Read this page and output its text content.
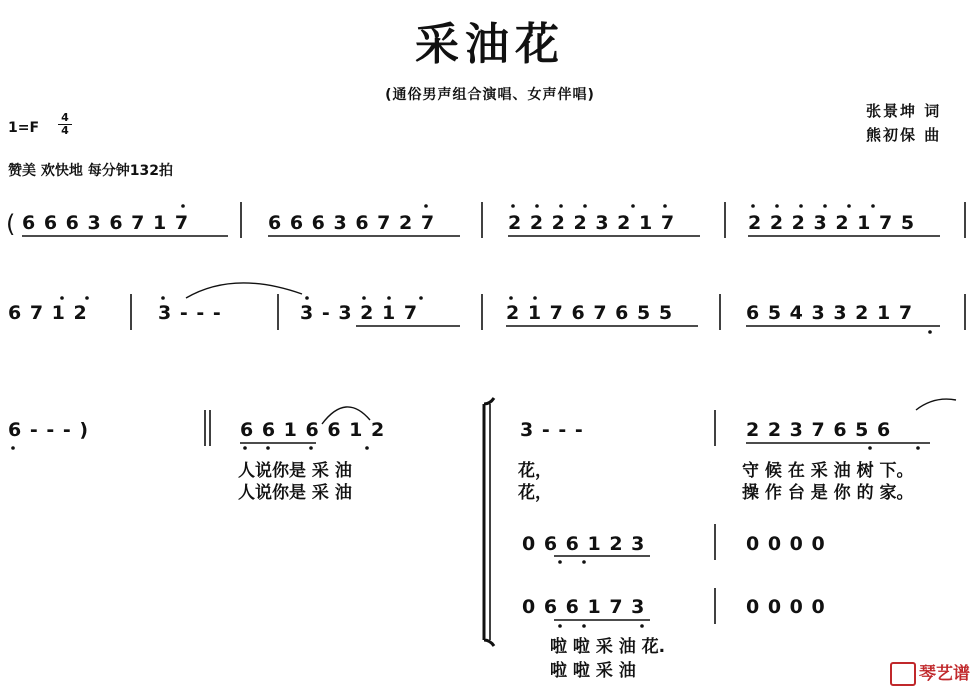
采油花
(通俗男声组合演唱、女声伴唱)
张景坤 词
熊初保 曲
1=F
4
4
赞美 欢快地 每分钟132拍
( 6 6 6 3 6 7 1 7	6 6 6 3 6 7 2 7	2 2 2 2 3 2 1 7	2 2 2 3 2 1 7 5
6 7 1 2	3 - - -	3 - 3 2 1 7	2 1 7 6 7 6 5 5	6 5 4 3 3 2 1 7
6 - - - )	6 6 1 6 6 1 2	3 - - -	2 2 3 7 6 5 6
人说你是 采 油	花，	守 候 在 采 油 树 下。
人说你是 采 油	花，	操 作 台 是 你 的 家。
0 6 6 1 2 3	0 0 0 0
0 6 6 1 7 3	0 0 0 0
啦 啦 采 油 花.
啦 啦 采 油	琴艺谱
